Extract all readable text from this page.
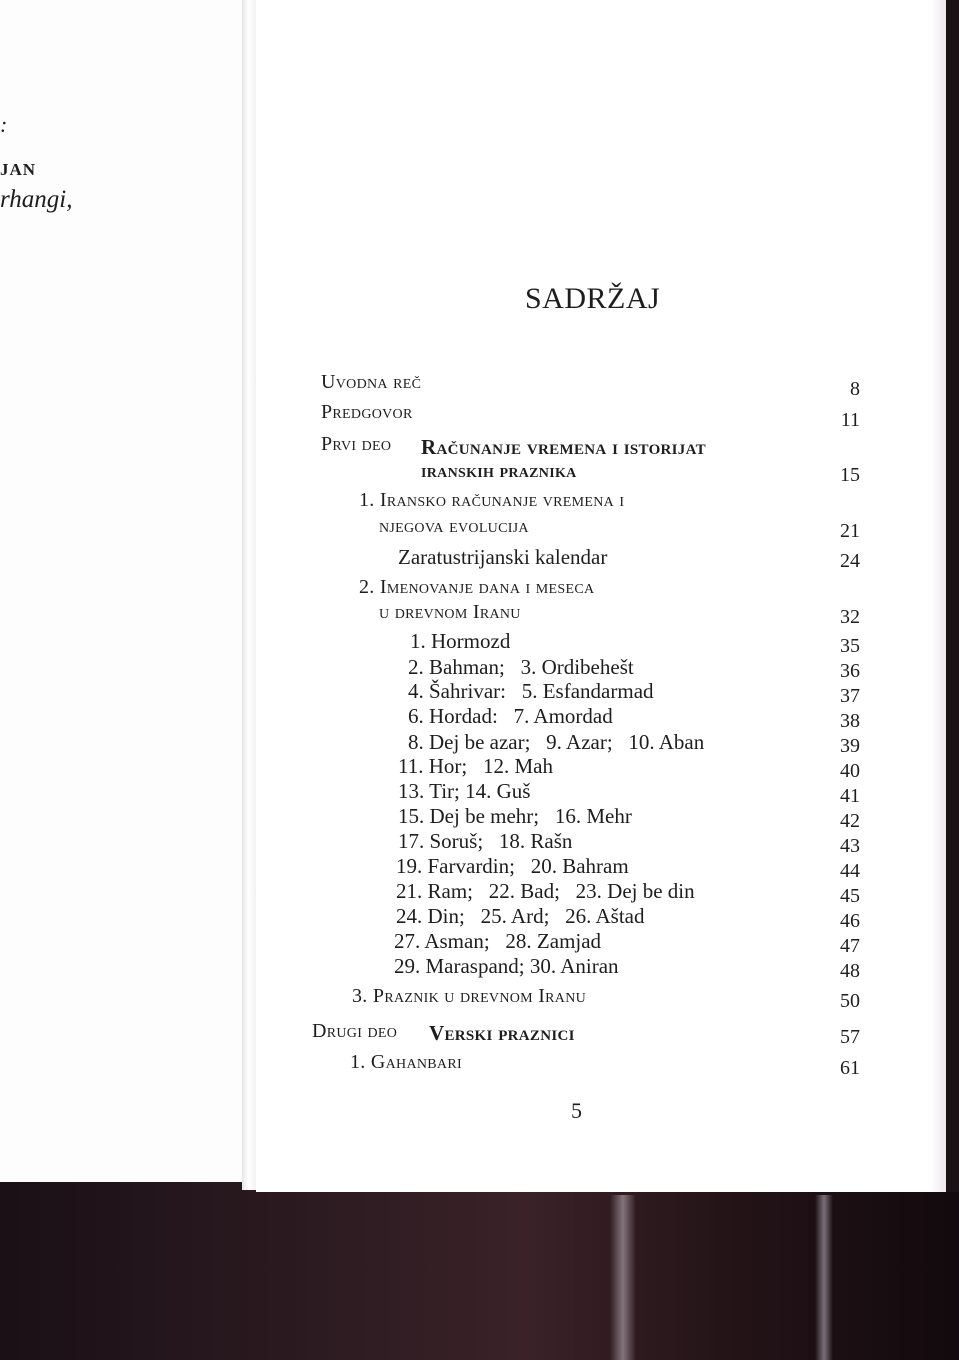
:
JAN
rhangi,
SADRŽAJ
Uvodna reč	8
Predgovor	11
Prvi deo Računanje vremena i istorijat
iranskih praznika	15
1. Iransko računanje vremena i
njegova evolucija	21
Zaratustrijanski kalendar	24
2. Imenovanje dana i meseca
u drevnom Iranu	32
1. Hormozd	35
2. Bahman;   3. Ordibehešt	36
4. Šahrivar:   5. Esfandarmad	37
6. Hordad:   7. Amordad	38
8. Dej be azar;   9. Azar;   10. Aban	39
11. Hor;   12. Mah	40
13. Tir; 14. Guš	41
15. Dej be mehr;   16. Mehr	42
17. Soruš;   18. Rašn	43
19. Farvardin;   20. Bahram	44
21. Ram;   22. Bad;   23. Dej be din	45
24. Din;   25. Ard;   26. Aštad	46
27. Asman;   28. Zamjad	47
29. Maraspand; 30. Aniran	48
3. Praznik u drevnom Iranu	50
Drugi deo Verski praznici	57
1. Gahanbari	61
5
